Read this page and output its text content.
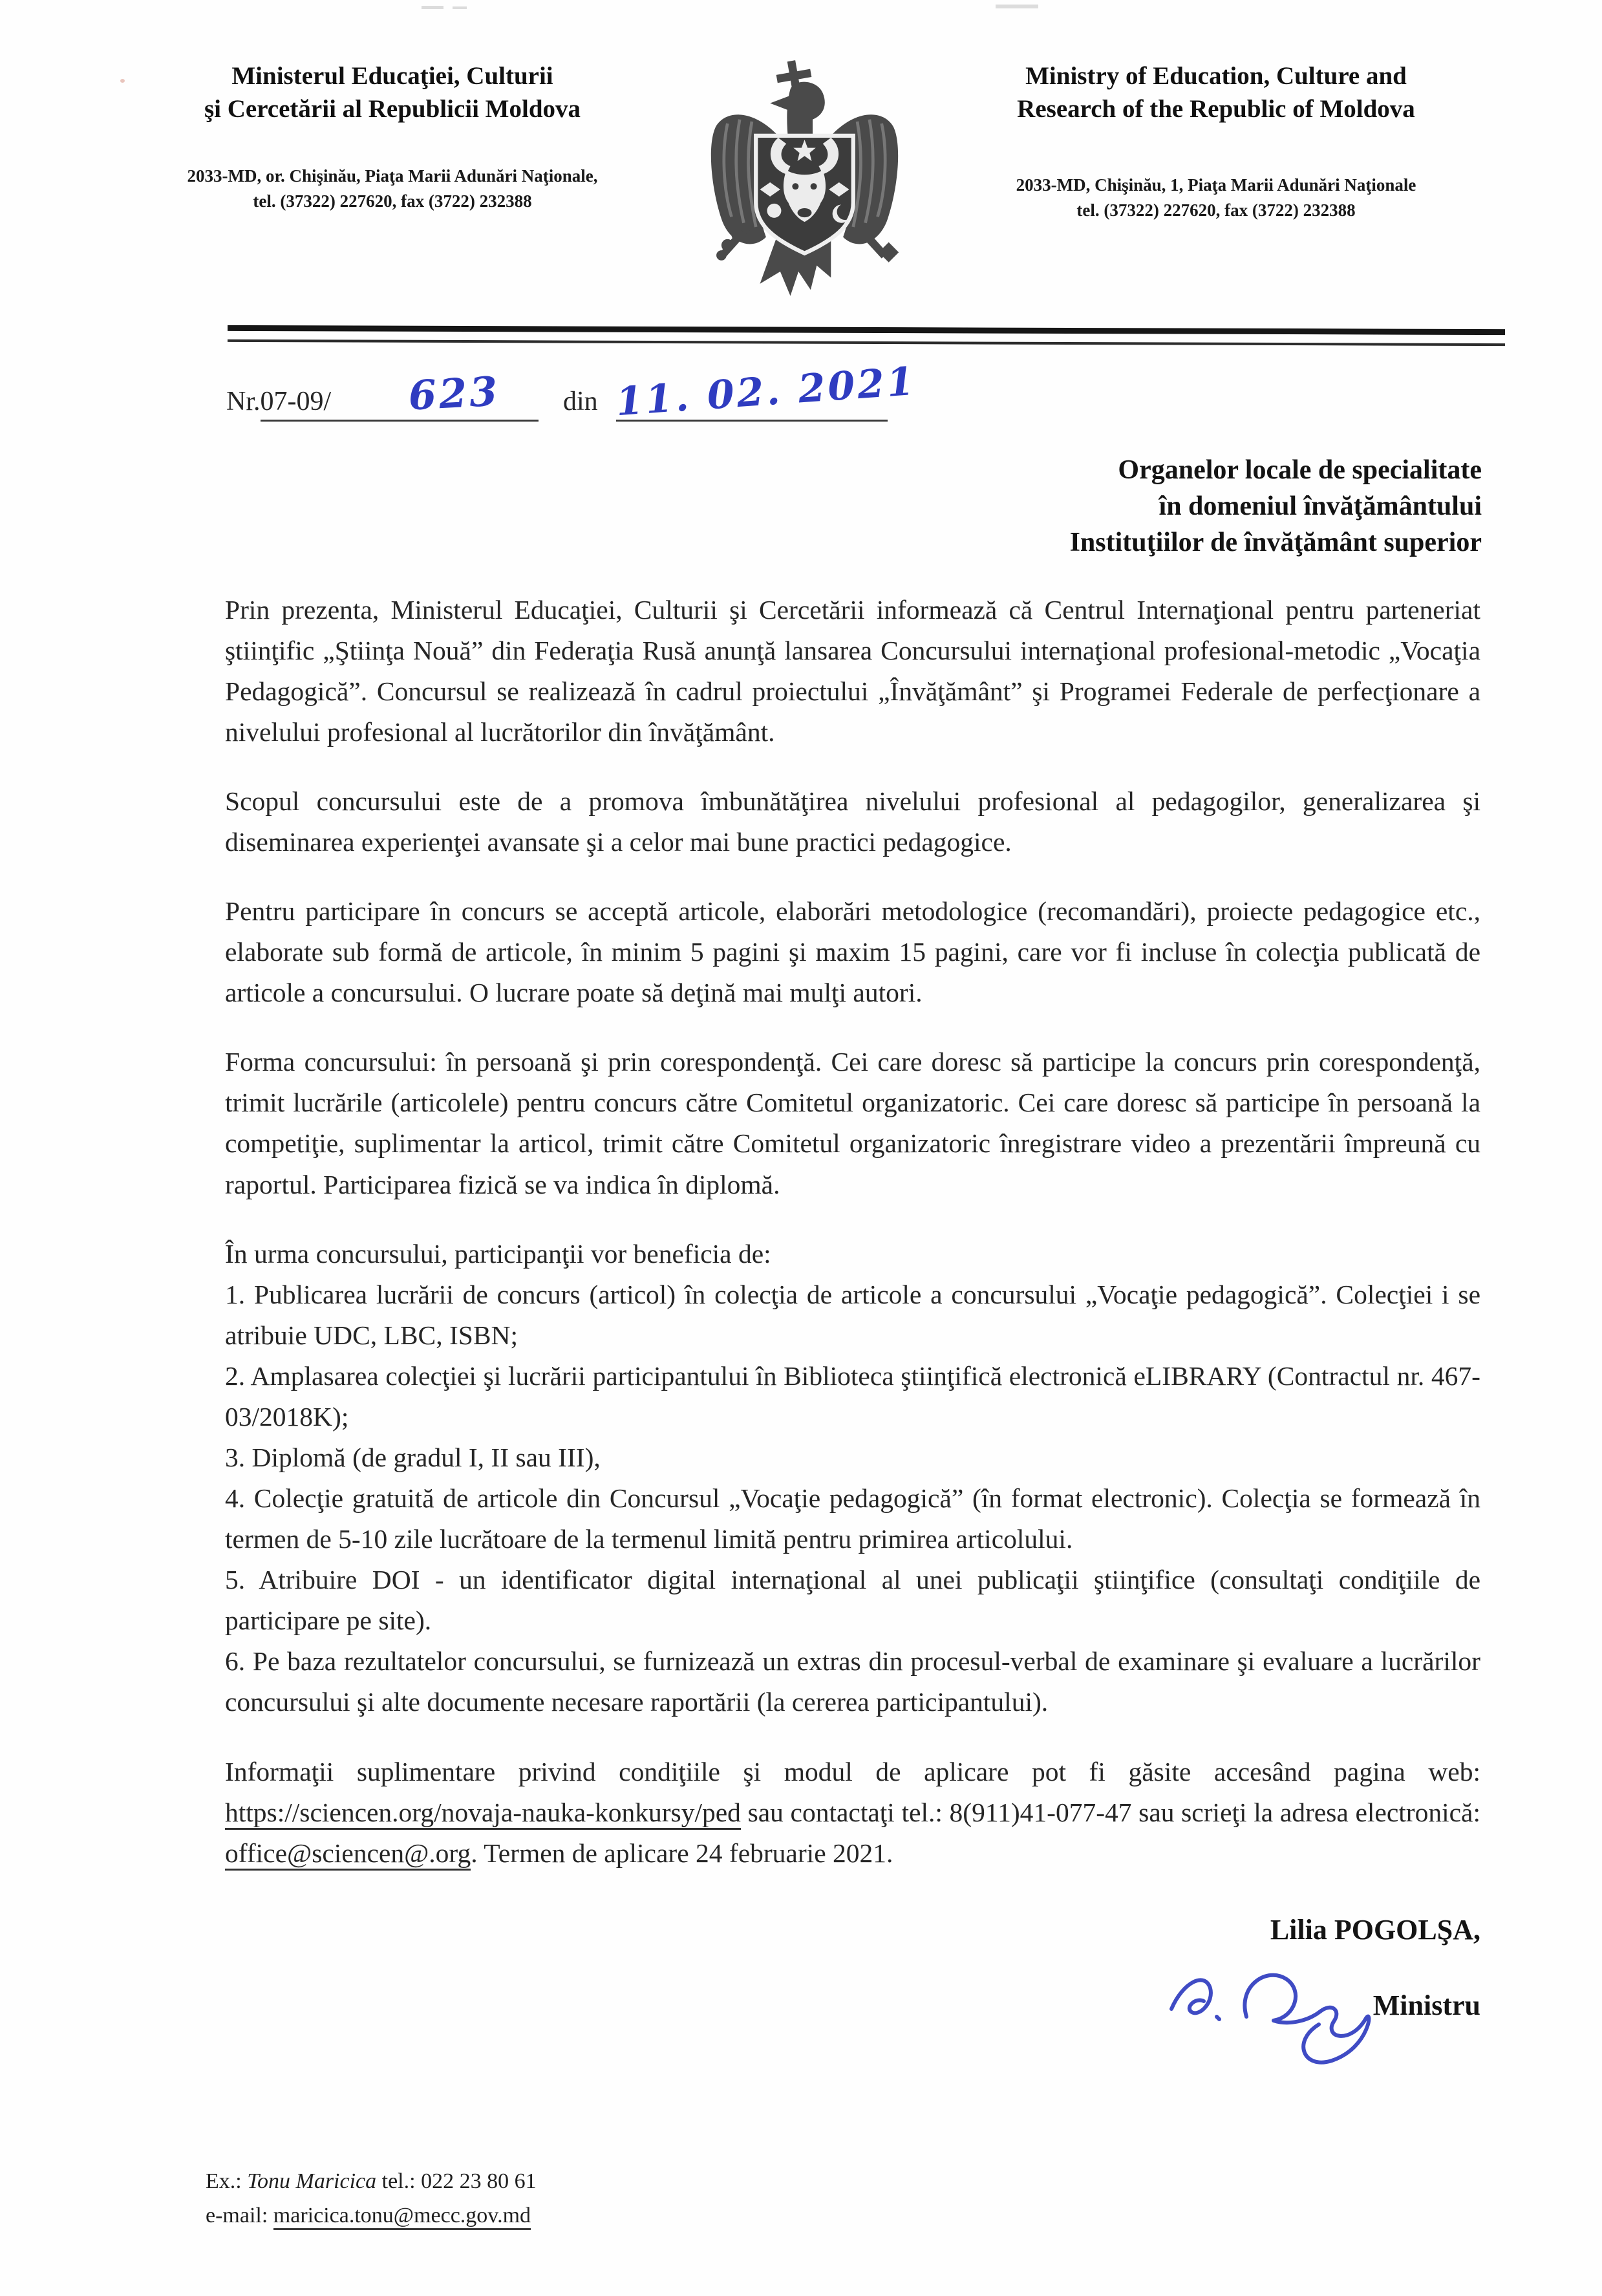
Ministerul Educaţiei, Culturii
şi Cercetării al Republicii Moldova
2033-MD, or. Chişinău, Piaţa Marii Adunări Naţionale,
tel. (37322) 227620, fax (3722) 232388
Ministry of Education, Culture and
Research of the Republic of Moldova
2033-MD, Chişinău, 1, Piaţa Marii Adunări Naţionale
tel. (37322) 227620, fax (3722) 232388
Nr.07-09/ 623 din 11. 02. 2021
Organelor locale de specialitate
în domeniul învăţământului
Instituţiilor de învăţământ superior

Prin prezenta, Ministerul Educaţiei, Culturii şi Cercetării informează că Centrul Internaţional pentru parteneriat ştiinţific „Ştiinţa Nouă” din Federaţia Rusă anunţă lansarea Concursului internaţional profesional-metodic „Vocaţia Pedagogică”. Concursul se realizează în cadrul proiectului „Învăţământ” şi Programei Federale de perfecţionare a nivelului profesional al lucrătorilor din învăţământ.

Scopul concursului este de a promova îmbunătăţirea nivelului profesional al pedagogilor, generalizarea şi diseminarea experienţei avansate şi a celor mai bune practici pedagogice.

Pentru participare în concurs se acceptă articole, elaborări metodologice (recomandări), proiecte pedagogice etc., elaborate sub formă de articole, în minim 5 pagini şi maxim 15 pagini, care vor fi incluse în colecţia publicată de articole a concursului. O lucrare poate să deţină mai mulţi autori.

Forma concursului: în persoană şi prin corespondenţă. Cei care doresc să participe la concurs prin corespondenţă, trimit lucrările (articolele) pentru concurs către Comitetul organizatoric. Cei care doresc să participe în persoană la competiţie, suplimentar la articol, trimit către Comitetul organizatoric înregistrare video a prezentării împreună cu raportul. Participarea fizică se va indica în diplomă.

În urma concursului, participanţii vor beneficia de:

1. Publicarea lucrării de concurs (articol) în colecţia de articole a concursului „Vocaţie pedagogică”. Colecţiei i se atribuie UDC, LBC, ISBN;

2. Amplasarea colecţiei şi lucrării participantului în Biblioteca ştiinţifică electronică eLIBRARY (Contractul nr. 467-03/2018K);

3. Diplomă (de gradul I, II sau III),

4. Colecţie gratuită de articole din Concursul „Vocaţie pedagogică” (în format electronic). Colecţia se formează în termen de 5-10 zile lucrătoare de la termenul limită pentru primirea articolului.

5. Atribuire DOI - un identificator digital internaţional al unei publicaţii ştiinţifice (consultaţi condiţiile de participare pe site).

6. Pe baza rezultatelor concursului, se furnizează un extras din procesul-verbal de examinare şi evaluare a lucrărilor concursului şi alte documente necesare raportării (la cererea participantului).

Informaţii suplimentare privind condiţiile şi modul de aplicare pot fi găsite accesând pagina web: https://sciencen.org/novaja-nauka-konkursy/ped sau contactaţi tel.: 8(911)41-077-47 sau scrieţi la adresa electronică: office@sciencen@.org. Termen de aplicare 24 februarie 2021.

Lilia POGOLŞA,
Ministru
Ex.: Tonu Maricica tel.: 022 23 80 61
e-mail: maricica.tonu@mecc.gov.md
